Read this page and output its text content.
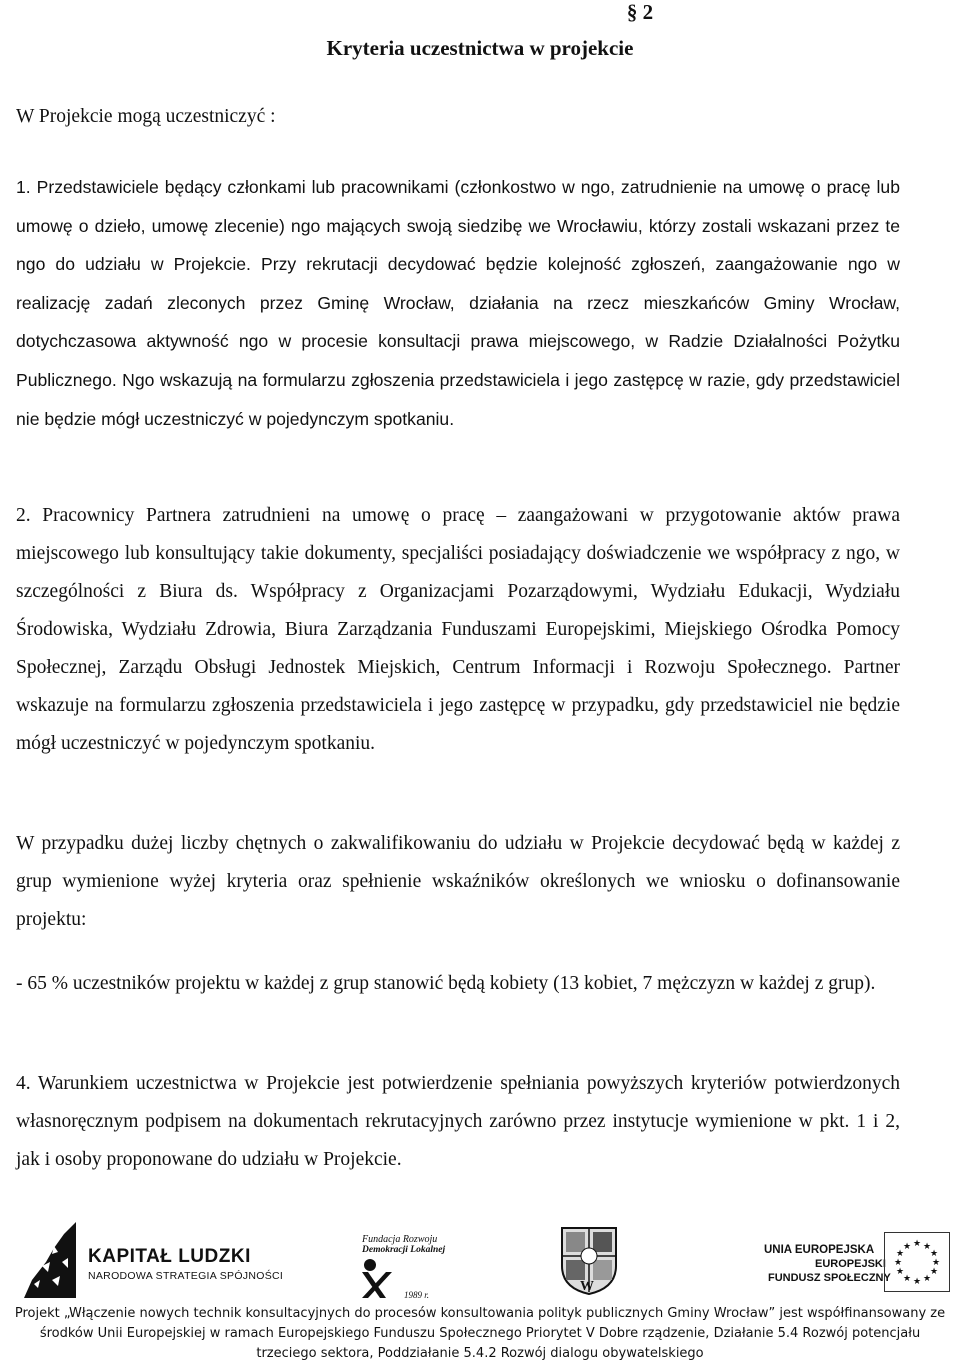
§ 2
Kryteria uczestnictwa w projekcie
W Projekcie mogą uczestniczyć :
1. Przedstawiciele będący członkami lub pracownikami (członkostwo w ngo, zatrudnienie na umowę o pracę lub umowę o dzieło, umowę zlecenie) ngo mających swoją siedzibę we Wrocławiu, którzy zostali wskazani przez te ngo do udziału w Projekcie. Przy rekrutacji decydować będzie kolejność zgłoszeń, zaangażowanie ngo w realizację zadań zleconych przez Gminę Wrocław, działania na rzecz mieszkańców Gminy Wrocław, dotychczasowa aktywność ngo w procesie konsultacji prawa miejscowego, w Radzie Działalności Pożytku Publicznego. Ngo wskazują na formularzu zgłoszenia przedstawiciela i jego zastępcę w razie, gdy przedstawiciel nie będzie mógł uczestniczyć w pojedynczym spotkaniu.
2. Pracownicy Partnera zatrudnieni na umowę o pracę – zaangażowani w przygotowanie aktów prawa miejscowego lub konsultujący takie dokumenty, specjaliści posiadający doświadczenie we współpracy z ngo, w szczególności z Biura ds. Współpracy z Organizacjami Pozarządowymi, Wydziału Edukacji, Wydziału Środowiska, Wydziału Zdrowia, Biura Zarządzania Funduszami Europejskimi, Miejskiego Ośrodka Pomocy Społecznej, Zarządu Obsługi Jednostek Miejskich, Centrum Informacji i Rozwoju Społecznego. Partner wskazuje na formularzu zgłoszenia przedstawiciela i jego zastępcę w przypadku, gdy przedstawiciel nie będzie mógł uczestniczyć w pojedynczym spotkaniu.
W przypadku dużej liczby chętnych o zakwalifikowaniu do udziału w Projekcie decydować będą w każdej z grup wymienione wyżej kryteria oraz spełnienie wskaźników określonych we wniosku o dofinansowanie projektu:
- 65 % uczestników projektu w każdej z grup stanowić będą kobiety (13 kobiet, 7 mężczyzn w każdej z grup).
4. Warunkiem uczestnictwa w Projekcie jest potwierdzenie spełniania powyższych kryteriów potwierdzonych własnoręcznym podpisem na dokumentach rekrutacyjnych zarówno przez instytucje wymienione w pkt. 1 i 2, jak i osoby proponowane do udziału w Projekcie.
KAPITAŁ LUDZKI
NARODOWA STRATEGIA SPÓJNOŚCI
Fundacja Rozwoju
Demokracji Lokalnej
1989 r.
W
UNIA EUROPEJSKA
EUROPEJSKI
FUNDUSZ SPOŁECZNY
★ ★
★
★
★
★
★
★
★
★
★
★
Projekt „Włączenie nowych technik konsultacyjnych do procesów konsultowania polityk publicznych Gminy Wrocław” jest współfinansowany ze
środków Unii Europejskiej w ramach Europejskiego Funduszu Społecznego Priorytet V Dobre rządzenie, Działanie 5.4 Rozwój potencjału
trzeciego sektora, Poddziałanie 5.4.2 Rozwój dialogu obywatelskiego
